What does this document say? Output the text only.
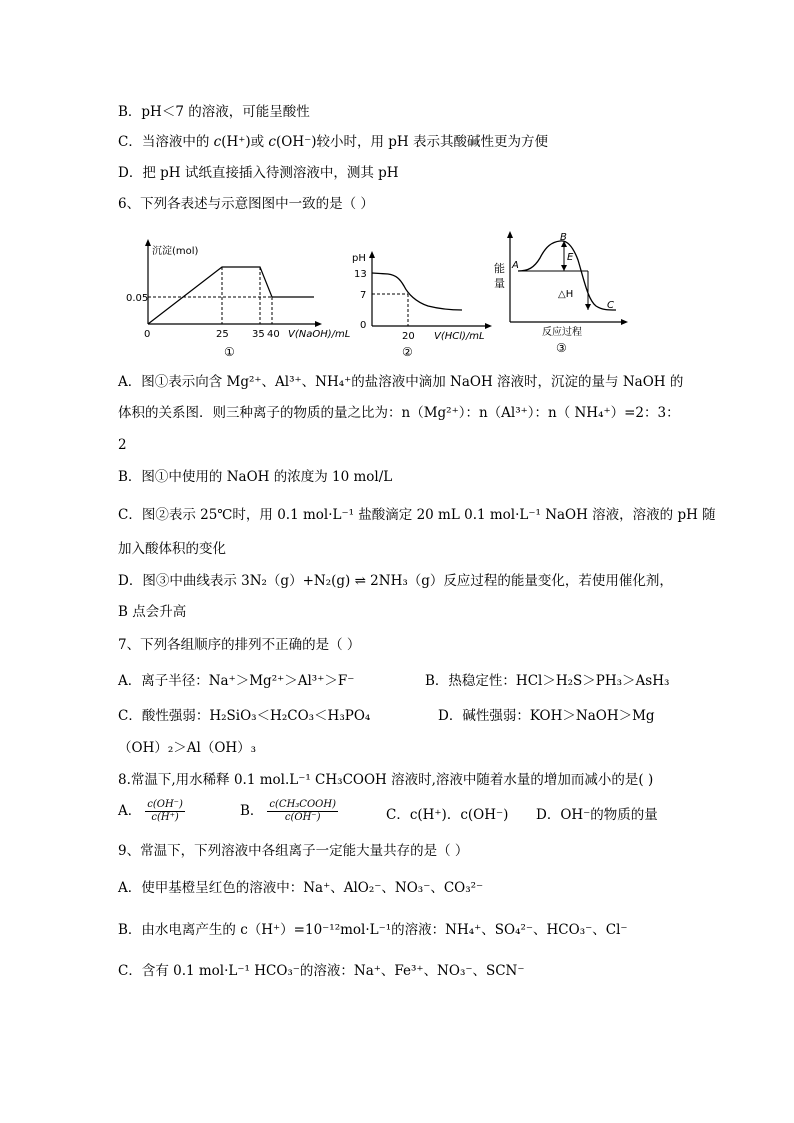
B．pH＜7 的溶液，可能呈酸性
C．当溶液中的 c(H⁺)或 c(OH⁻)较小时，用 pH 表示其酸碱性更为方便
D．把 pH 试纸直接插入待测溶液中，测其 pH
6、下列各表述与示意图图中一致的是（ ）
沉淀(mol)
0.05
0	25 35 40 V(NaOH)/mL
①
pH
13
7
0
20 V(HCl)/mL
②
能
量
A
B
E
△H
C
反应过程
③
A．图①表示向含 Mg²⁺、Al³⁺、NH₄⁺的盐溶液中滴加 NaOH 溶液时，沉淀的量与 NaOH 的
体积的关系图．则三种离子的物质的量之比为：n（Mg²⁺）：n（Al³⁺）：n（ NH₄⁺）=2：3：
2
B．图①中使用的 NaOH 的浓度为 10 mol/L
C．图②表示 25℃时，用 0.1 mol·L⁻¹ 盐酸滴定 20 mL 0.1 mol·L⁻¹ NaOH 溶液，溶液的 pH 随
加入酸体积的变化
D．图③中曲线表示 3N₂（g）+N₂(g) ⇌ 2NH₃（g）反应过程的能量变化，若使用催化剂，
B 点会升高
7、下列各组顺序的排列不正确的是（ ）
A．离子半径：Na⁺＞Mg²⁺＞Al³⁺＞F⁻	B．热稳定性：HCl＞H₂S＞PH₃＞AsH₃
C．酸性强弱：H₂SiO₃＜H₂CO₃＜H₃PO₄	D．碱性强弱：KOH＞NaOH＞Mg
（OH）₂＞Al（OH）₃
8.常温下,用水稀释 0.1 mol.L⁻¹ CH₃COOH 溶液时,溶液中随着水量的增加而减小的是( )
A． $\frac{c(OH^-)}{c(H^+)}$	B． $\frac{\text{c(CH₃COOH)}}{c(OH^-)}$	C．c(H⁺)．c(OH⁻) D．OH⁻的物质的量
9、常温下，下列溶液中各组离子一定能大量共存的是（ ）
A．使甲基橙呈红色的溶液中：Na⁺、AlO₂⁻、NO₃⁻、CO₃²⁻
B．由水电离产生的 c（H⁺）=10⁻¹²mol·L⁻¹的溶液：NH₄⁺、SO₄²⁻、HCO₃⁻、Cl⁻
C．含有 0.1 mol·L⁻¹ HCO₃⁻的溶液：Na⁺、Fe³⁺、NO₃⁻、SCN⁻
